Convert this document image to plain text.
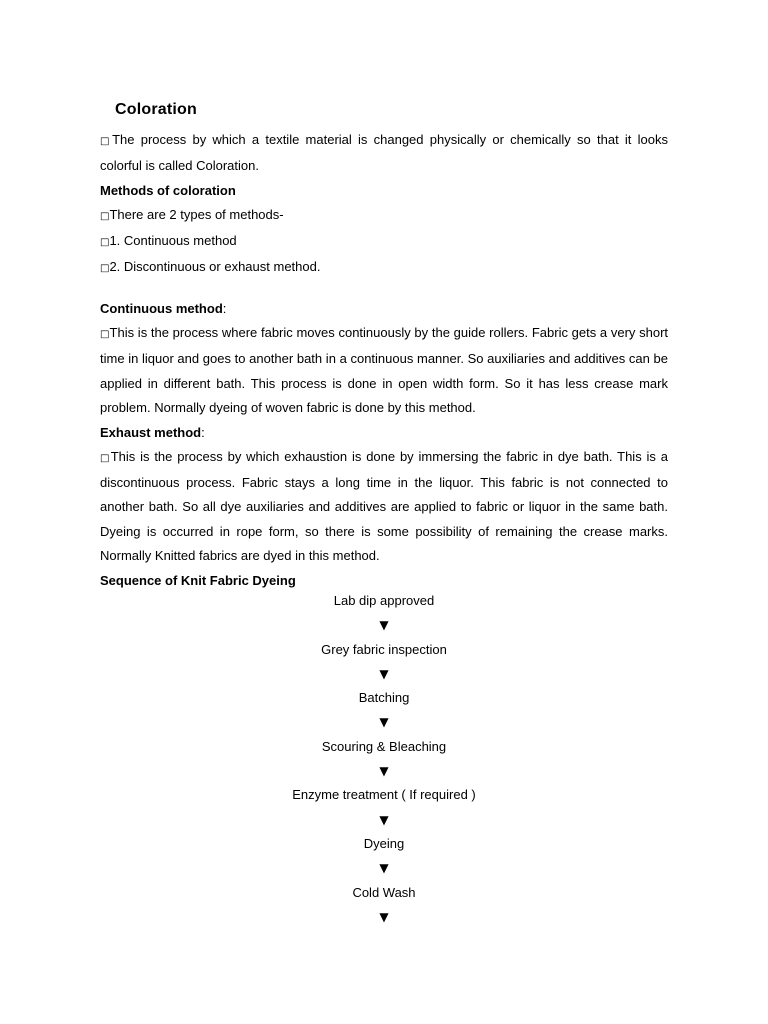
Coloration

□The process by which a textile material is changed physically or chemically so that it looks colorful is called Coloration.

Methods of coloration

□There are 2 types of methods-

□1. Continuous method

□2. Discontinuous or exhaust method.

Continuous method:

□This is the process where fabric moves continuously by the guide rollers. Fabric gets a very short time in liquor and goes to another bath in a continuous manner. So auxiliaries and additives can be applied in different bath. This process is done in open width form. So it has less crease mark problem. Normally dyeing of woven fabric is done by this method.

Exhaust method:

□This is the process by which exhaustion is done by immersing the fabric in dye bath. This is a discontinuous process. Fabric stays a long time in the liquor. This fabric is not connected to another bath. So all dye auxiliaries and additives are applied to fabric or liquor in the same bath. Dyeing is occurred in rope form, so there is some possibility of remaining the crease marks. Normally Knitted fabrics are dyed in this method.

Sequence of Knit Fabric Dyeing

Lab dip approved

▼

Grey fabric inspection

▼

Batching

▼

Scouring & Bleaching

▼

Enzyme treatment ( If required )

▼

Dyeing

▼

Cold Wash

▼
